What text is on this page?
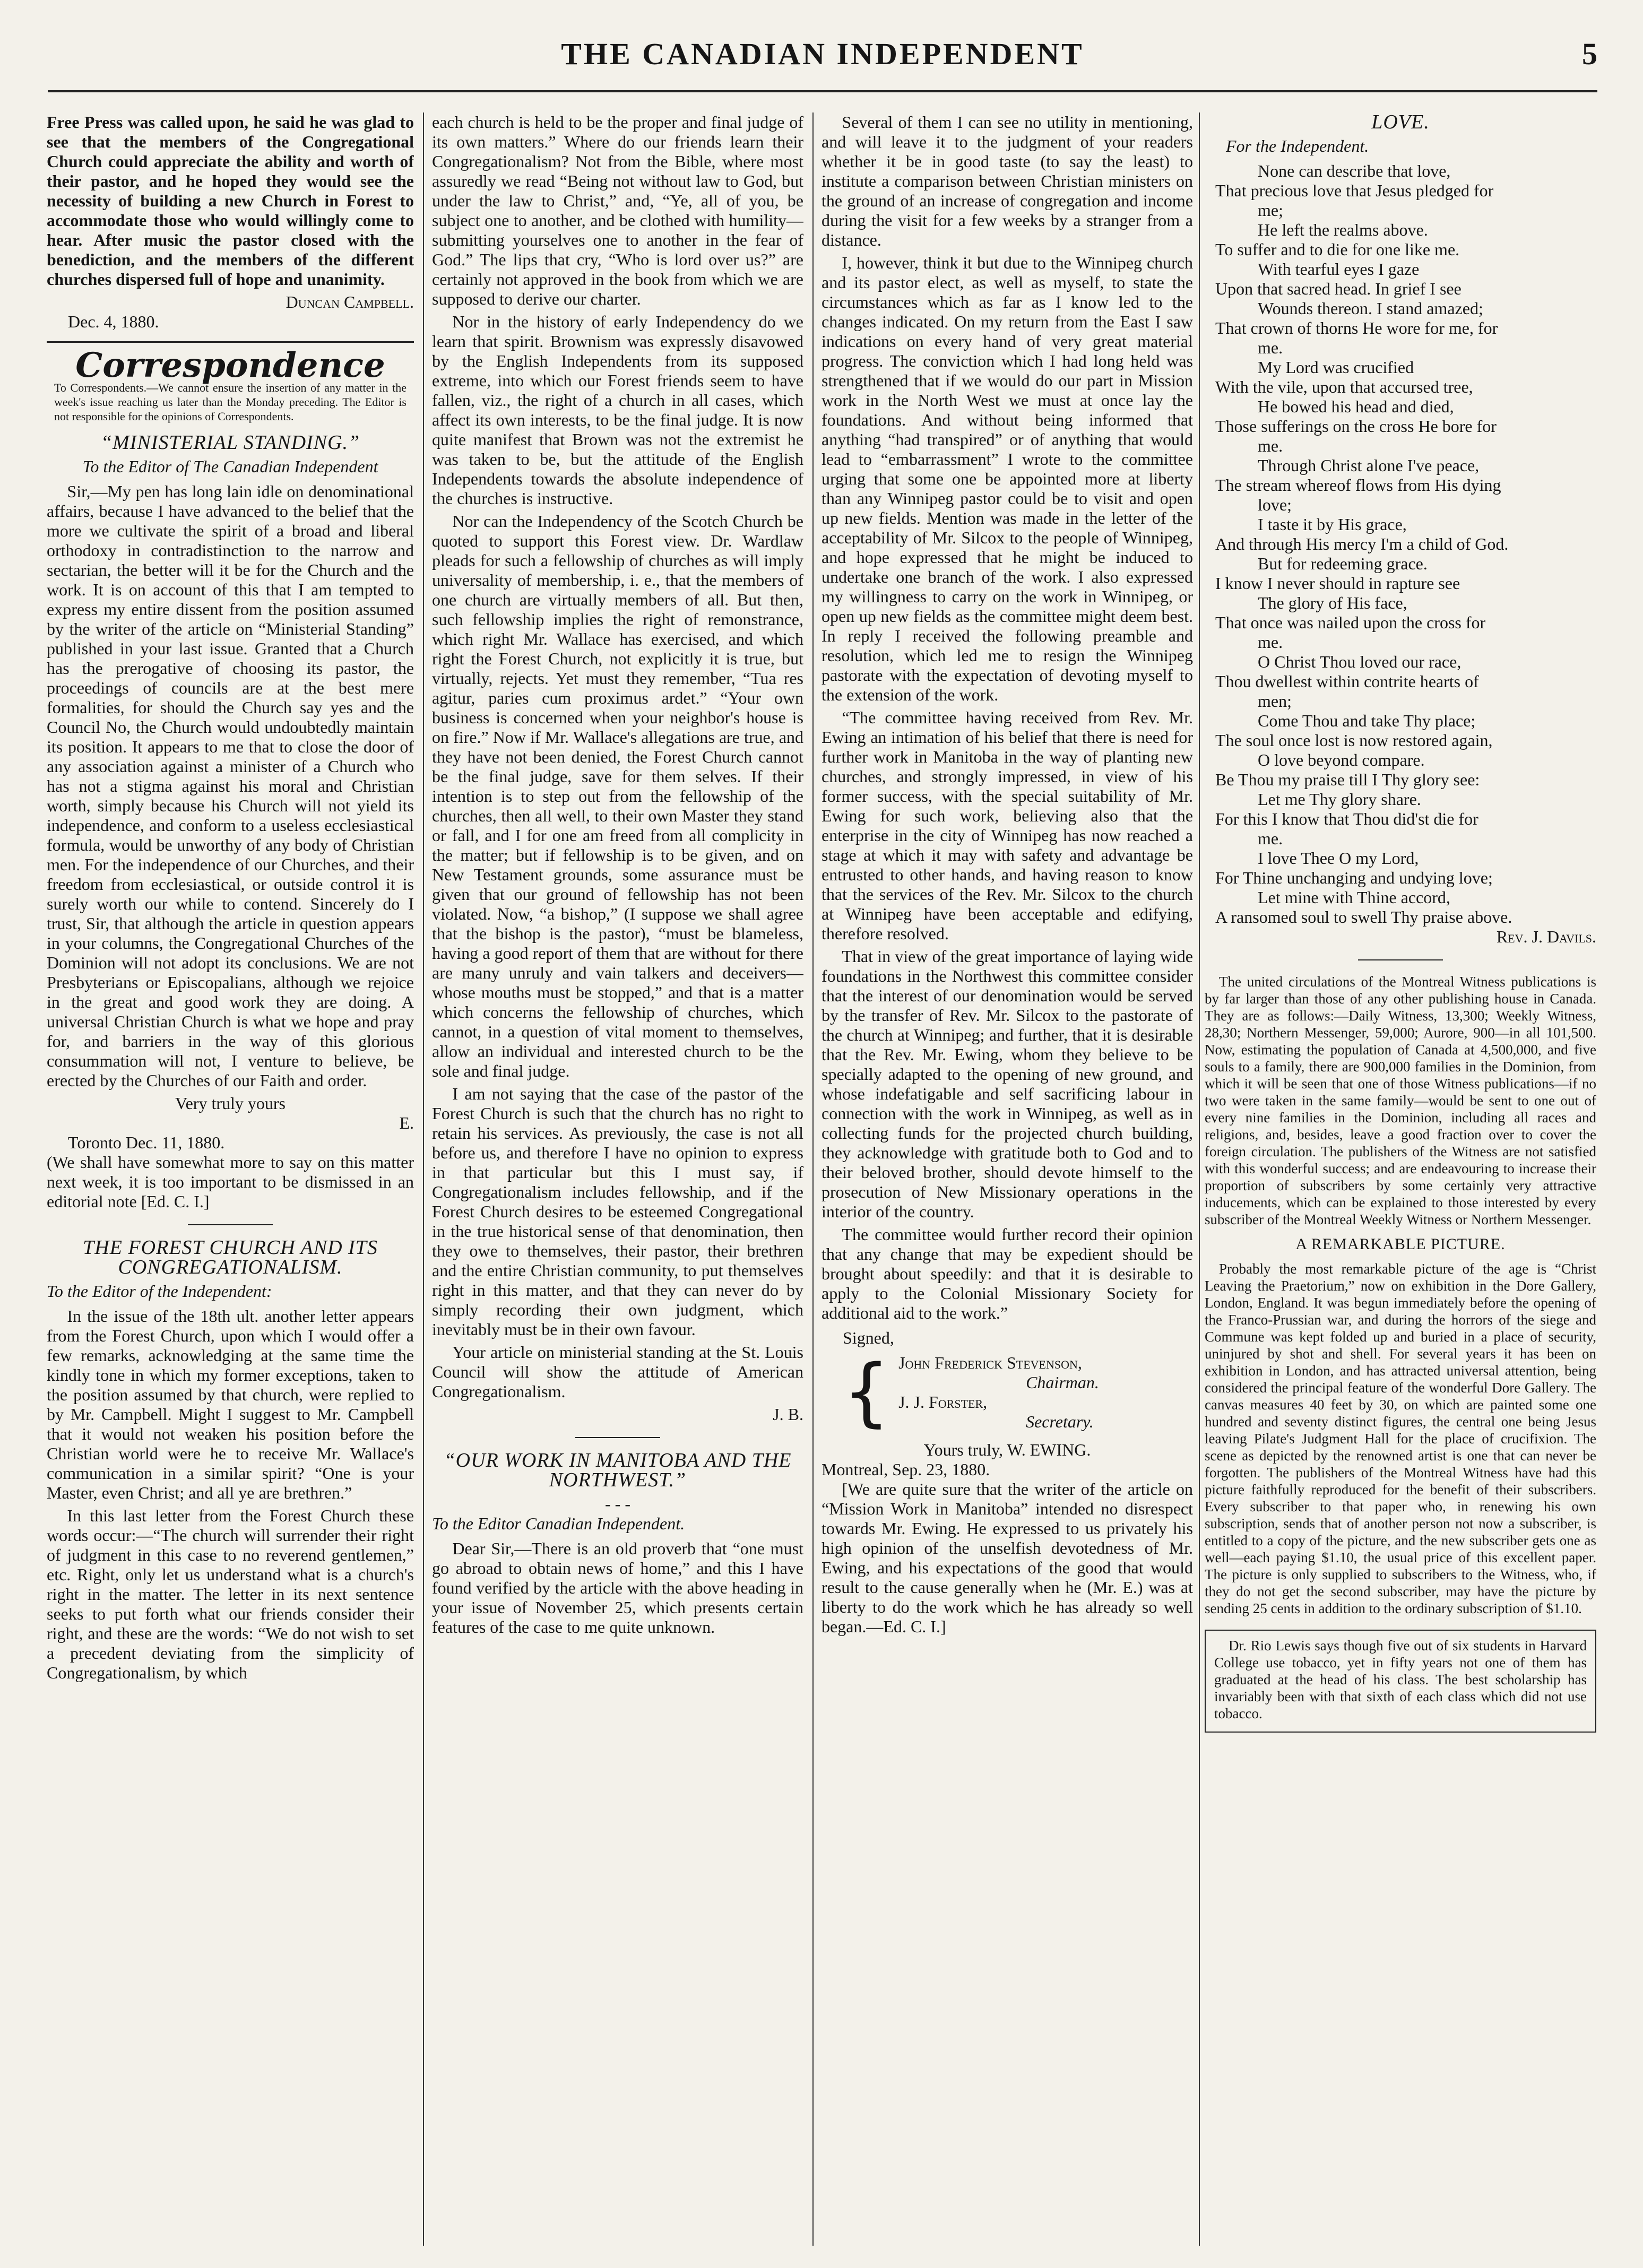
THE CANADIAN INDEPENDENT	5

Free Press was called upon, he said he was glad to see that the members of the Congregational Church could appreciate the ability and worth of their pastor, and he hoped they would see the necessity of building a new Church in Forest to accommodate those who would willingly come to hear. After music the pastor closed with the benediction, and the members of the different churches dispersed full of hope and unanimity.

Duncan Campbell.
Dec. 4, 1880.
Correspondence
To Correspondents.—We cannot ensure the insertion of any matter in the week's issue reaching us later than the Monday preceding. The Editor is not responsible for the opinions of Correspondents.
“MINISTERIAL STANDING.”
To the Editor of The Canadian Independent

Sir,—My pen has long lain idle on denominational affairs, because I have advanced to the belief that the more we cultivate the spirit of a broad and liberal orthodoxy in contradistinction to the narrow and sectarian, the better will it be for the Church and the work. It is on account of this that I am tempted to express my entire dissent from the position assumed by the writer of the article on “Ministerial Standing” published in your last issue. Granted that a Church has the prerogative of choosing its pastor, the proceedings of councils are at the best mere formalities, for should the Church say yes and the Council No, the Church would undoubtedly maintain its position. It appears to me that to close the door of any association against a minister of a Church who has not a stigma against his moral and Christian worth, simply because his Church will not yield its independence, and conform to a useless ecclesiastical formula, would be unworthy of any body of Christian men. For the independence of our Churches, and their freedom from ecclesiastical, or outside control it is surely worth our while to contend. Sincerely do I trust, Sir, that although the article in question appears in your columns, the Congregational Churches of the Dominion will not adopt its conclusions. We are not Presbyterians or Episcopalians, although we rejoice in the great and good work they are doing. A universal Christian Church is what we hope and pray for, and barriers in the way of this glorious consummation will not, I venture to believe, be erected by the Churches of our Faith and order.

Very truly yours
E.
Toronto Dec. 11, 1880.

(We shall have somewhat more to say on this matter next week, it is too important to be dismissed in an editorial note [Ed. C. I.]

THE FOREST CHURCH AND ITS CONGREGATIONALISM.
To the Editor of the Independent:

In the issue of the 18th ult. another letter appears from the Forest Church, upon which I would offer a few remarks, acknowledging at the same time the kindly tone in which my former exceptions, taken to the position assumed by that church, were replied to by Mr. Campbell. Might I suggest to Mr. Campbell that it would not weaken his position before the Christian world were he to receive Mr. Wallace's communication in a similar spirit? “One is your Master, even Christ; and all ye are brethren.”

In this last letter from the Forest Church these words occur:—“The church will surrender their right of judgment in this case to no reverend gentlemen,” etc. Right, only let us understand what is a church's right in the matter. The letter in its next sentence seeks to put forth what our friends consider their right, and these are the words: “We do not wish to set a precedent deviating from the simplicity of Congregationalism, by which

each church is held to be the proper and final judge of its own matters.” Where do our friends learn their Congregationalism? Not from the Bible, where most assuredly we read “Being not without law to God, but under the law to Christ,” and, “Ye, all of you, be subject one to another, and be clothed with humility—submitting yourselves one to another in the fear of God.” The lips that cry, “Who is lord over us?” are certainly not approved in the book from which we are supposed to derive our charter.

Nor in the history of early Independency do we learn that spirit. Brownism was expressly disavowed by the English Independents from its supposed extreme, into which our Forest friends seem to have fallen, viz., the right of a church in all cases, which affect its own interests, to be the final judge. It is now quite manifest that Brown was not the extremist he was taken to be, but the attitude of the English Independents towards the absolute independence of the churches is instructive.

Nor can the Independency of the Scotch Church be quoted to support this Forest view. Dr. Wardlaw pleads for such a fellowship of churches as will imply universality of membership, i. e., that the members of one church are virtually members of all. But then, such fellowship implies the right of remonstrance, which right Mr. Wallace has exercised, and which right the Forest Church, not explicitly it is true, but virtually, rejects. Yet must they remember, “Tua res agitur, paries cum proximus ardet.” “Your own business is concerned when your neighbor's house is on fire.” Now if Mr. Wallace's allegations are true, and they have not been denied, the Forest Church cannot be the final judge, save for them selves. If their intention is to step out from the fellowship of the churches, then all well, to their own Master they stand or fall, and I for one am freed from all complicity in the matter; but if fellowship is to be given, and on New Testament grounds, some assurance must be given that our ground of fellowship has not been violated. Now, “a bishop,” (I suppose we shall agree that the bishop is the pastor), “must be blameless, having a good report of them that are without for there are many unruly and vain talkers and deceivers—whose mouths must be stopped,” and that is a matter which concerns the fellowship of churches, which cannot, in a question of vital moment to themselves, allow an individual and interested church to be the sole and final judge.

I am not saying that the case of the pastor of the Forest Church is such that the church has no right to retain his services. As previously, the case is not all before us, and therefore I have no opinion to express in that particular but this I must say, if Congregationalism includes fellowship, and if the Forest Church desires to be esteemed Congregational in the true historical sense of that denomination, then they owe to themselves, their pastor, their brethren and the entire Christian community, to put themselves right in this matter, and that they can never do by simply recording their own judgment, which inevitably must be in their own favour.

Your article on ministerial standing at the St. Louis Council will show the attitude of American Congregationalism.

J. B.
“OUR WORK IN MANITOBA AND THE NORTHWEST.”
- - -
To the Editor Canadian Independent.

Dear Sir,—There is an old proverb that “one must go abroad to obtain news of home,” and this I have found verified by the article with the above heading in your issue of November 25, which presents certain features of the case to me quite unknown.

Several of them I can see no utility in mentioning, and will leave it to the judgment of your readers whether it be in good taste (to say the least) to institute a comparison between Christian ministers on the ground of an increase of congregation and income during the visit for a few weeks by a stranger from a distance.

I, however, think it but due to the Winnipeg church and its pastor elect, as well as myself, to state the circumstances which as far as I know led to the changes indicated. On my return from the East I saw indications on every hand of very great material progress. The conviction which I had long held was strengthened that if we would do our part in Mission work in the North West we must at once lay the foundations. And without being informed that anything “had transpired” or of anything that would lead to “embarrassment” I wrote to the committee urging that some one be appointed more at liberty than any Winnipeg pastor could be to visit and open up new fields. Mention was made in the letter of the acceptability of Mr. Silcox to the people of Winnipeg, and hope expressed that he might be induced to undertake one branch of the work. I also expressed my willingness to carry on the work in Winnipeg, or open up new fields as the committee might deem best. In reply I received the following preamble and resolution, which led me to resign the Winnipeg pastorate with the expectation of devoting myself to the extension of the work.

“The committee having received from Rev. Mr. Ewing an intimation of his belief that there is need for further work in Manitoba in the way of planting new churches, and strongly impressed, in view of his former success, with the special suitability of Mr. Ewing for such work, believing also that the enterprise in the city of Winnipeg has now reached a stage at which it may with safety and advantage be entrusted to other hands, and having reason to know that the services of the Rev. Mr. Silcox to the church at Winnipeg have been acceptable and edifying, therefore resolved.

That in view of the great importance of laying wide foundations in the Northwest this committee consider that the interest of our denomination would be served by the transfer of Rev. Mr. Silcox to the pastorate of the church at Winnipeg; and further, that it is desirable that the Rev. Mr. Ewing, whom they believe to be specially adapted to the opening of new ground, and whose indefatigable and self sacrificing labour in connection with the work in Winnipeg, as well as in collecting funds for the projected church building, they acknowledge with gratitude both to God and to their beloved brother, should devote himself to the prosecution of New Missionary operations in the interior of the country.

The committee would further record their opinion that any change that may be expedient should be brought about speedily: and that it is desirable to apply to the Colonial Missionary Society for additional aid to the work.”

Signed,
{ John Frederick Stevenson,
Chairman.
J. J. Forster,
Secretary.
Yours truly, W. EWING.
Montreal, Sep. 23, 1880.

[We are quite sure that the writer of the article on “Mission Work in Manitoba” intended no disrespect towards Mr. Ewing. He expressed to us privately his high opinion of the unselfish devotedness of Mr. Ewing, and his expectations of the good that would result to the cause generally when he (Mr. E.) was at liberty to do the work which he has already so well began.—Ed. C. I.]

LOVE.
For the Independent.
None can describe that love,
That precious love that Jesus pledged for
me;
He left the realms above.
To suffer and to die for one like me.
With tearful eyes I gaze
Upon that sacred head. In grief I see
Wounds thereon. I stand amazed;
That crown of thorns He wore for me, for
me.
My Lord was crucified
With the vile, upon that accursed tree,
He bowed his head and died,
Those sufferings on the cross He bore for
me.
Through Christ alone I've peace,
The stream whereof flows from His dying
love;
I taste it by His grace,
And through His mercy I'm a child of God.
But for redeeming grace.
I know I never should in rapture see
The glory of His face,
That once was nailed upon the cross for
me.
O Christ Thou loved our race,
Thou dwellest within contrite hearts of
men;
Come Thou and take Thy place;
The soul once lost is now restored again,
O love beyond compare.
Be Thou my praise till I Thy glory see:
Let me Thy glory share.
For this I know that Thou did'st die for
me.
I love Thee O my Lord,
For Thine unchanging and undying love;
Let mine with Thine accord,
A ransomed soul to swell Thy praise above.
Rev. J. Davils.

The united circulations of the Montreal Witness publications is by far larger than those of any other publishing house in Canada. They are as follows:—Daily Witness, 13,300; Weekly Witness, 28,30; Northern Messenger, 59,000; Aurore, 900—in all 101,500. Now, estimating the population of Canada at 4,500,000, and five souls to a family, there are 900,000 families in the Dominion, from which it will be seen that one of those Witness publications—if no two were taken in the same family—would be sent to one out of every nine families in the Dominion, including all races and religions, and, besides, leave a good fraction over to cover the foreign circulation. The publishers of the Witness are not satisfied with this wonderful success; and are endeavouring to increase their proportion of subscribers by some certainly very attractive inducements, which can be explained to those interested by every subscriber of the Montreal Weekly Witness or Northern Messenger.

A REMARKABLE PICTURE.

Probably the most remarkable picture of the age is “Christ Leaving the Praetorium,” now on exhibition in the Dore Gallery, London, England. It was begun immediately before the opening of the Franco-Prussian war, and during the horrors of the siege and Commune was kept folded up and buried in a place of security, uninjured by shot and shell. For several years it has been on exhibition in London, and has attracted universal attention, being considered the principal feature of the wonderful Dore Gallery. The canvas measures 40 feet by 30, on which are painted some one hundred and seventy distinct figures, the central one being Jesus leaving Pilate's Judgment Hall for the place of crucifixion. The scene as depicted by the renowned artist is one that can never be forgotten. The publishers of the Montreal Witness have had this picture faithfully reproduced for the benefit of their subscribers. Every subscriber to that paper who, in renewing his own subscription, sends that of another person not now a subscriber, is entitled to a copy of the picture, and the new subscriber gets one as well—each paying $1.10, the usual price of this excellent paper. The picture is only supplied to subscribers to the Witness, who, if they do not get the second subscriber, may have the picture by sending 25 cents in addition to the ordinary subscription of $1.10.

Dr. Rio Lewis says though five out of six students in Harvard College use tobacco, yet in fifty years not one of them has graduated at the head of his class. The best scholarship has invariably been with that sixth of each class which did not use tobacco.
